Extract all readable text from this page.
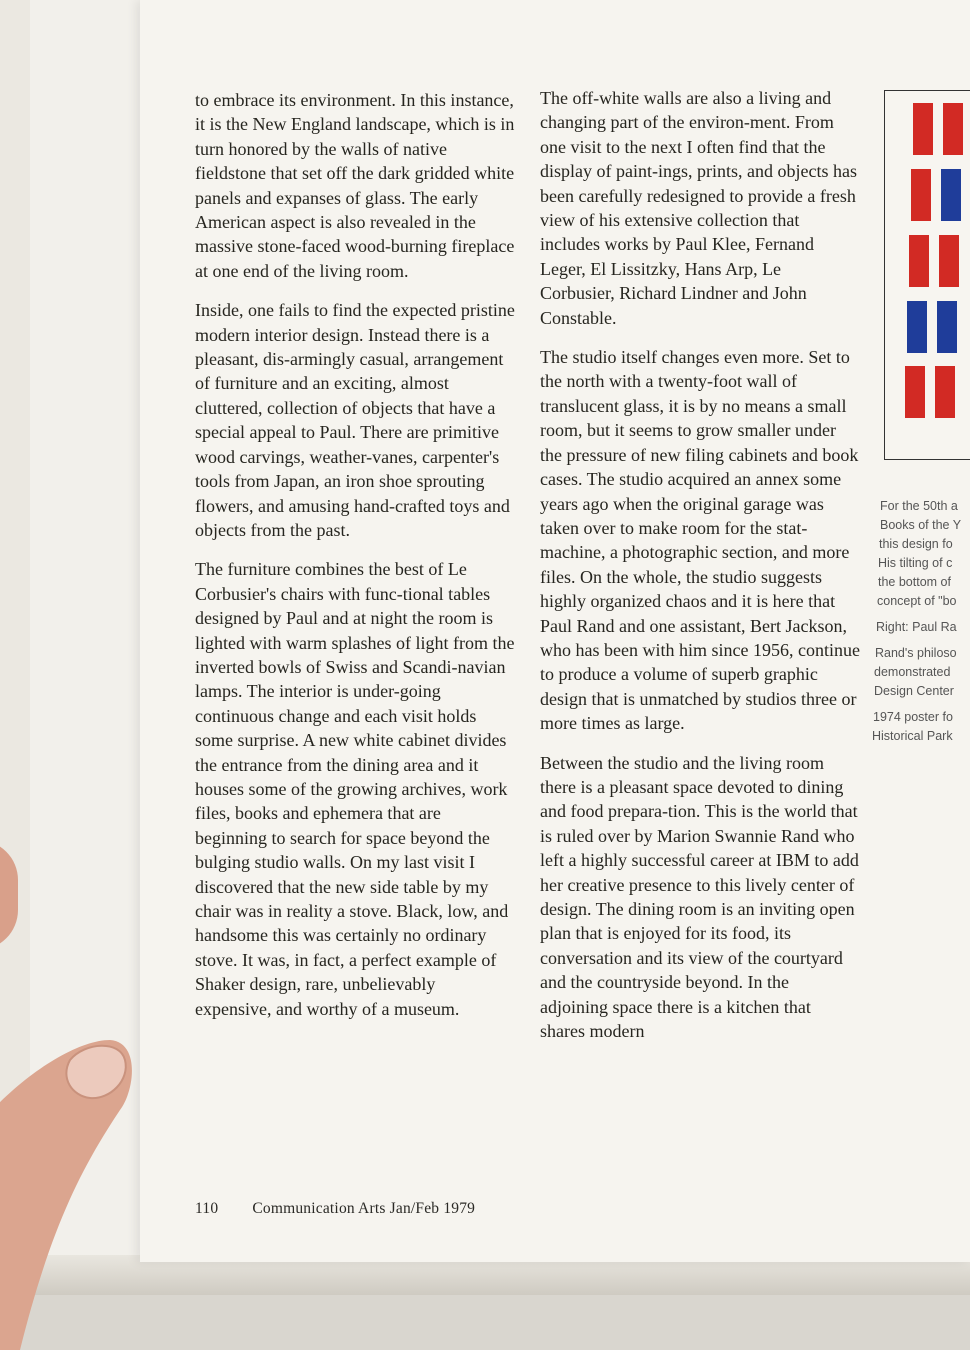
to embrace its environment. In this instance, it is the New England landscape, which is in turn honored by the walls of native fieldstone that set off the dark gridded white panels and expanses of glass. The early American aspect is also revealed in the massive stone-faced wood-burning fireplace at one end of the living room.

Inside, one fails to find the expected pristine modern interior design. Instead there is a pleasant, dis-armingly casual, arrangement of furniture and an exciting, almost cluttered, collection of objects that have a special appeal to Paul. There are primitive wood carvings, weather-vanes, carpenter's tools from Japan, an iron shoe sprouting flowers, and amusing hand-crafted toys and objects from the past.

The furniture combines the best of Le Corbusier's chairs with func-tional tables designed by Paul and at night the room is lighted with warm splashes of light from the inverted bowls of Swiss and Scandi-navian lamps. The interior is under-going continuous change and each visit holds some surprise. A new white cabinet divides the entrance from the dining area and it houses some of the growing archives, work files, books and ephemera that are beginning to search for space beyond the bulging studio walls. On my last visit I discovered that the new side table by my chair was in reality a stove. Black, low, and handsome this was certainly no ordinary stove. It was, in fact, a perfect example of Shaker design, rare, unbelievably expensive, and worthy of a museum.

The off-white walls are also a living and changing part of the environ-ment. From one visit to the next I often find that the display of paint-ings, prints, and objects has been carefully redesigned to provide a fresh view of his extensive collection that includes works by Paul Klee, Fernand Leger, El Lissitzky, Hans Arp, Le Corbusier, Richard Lindner and John Constable.

The studio itself changes even more. Set to the north with a twenty-foot wall of translucent glass, it is by no means a small room, but it seems to grow smaller under the pressure of new filing cabinets and book cases. The studio acquired an annex some years ago when the original garage was taken over to make room for the stat-machine, a photographic section, and more files. On the whole, the studio suggests highly organized chaos and it is here that Paul Rand and one assistant, Bert Jackson, who has been with him since 1956, continue to produce a volume of superb graphic design that is unmatched by studios three or more times as large.

Between the studio and the living room there is a pleasant space devoted to dining and food prepara-tion. This is the world that is ruled over by Marion Swannie Rand who left a highly successful career at IBM to add her creative presence to this lively center of design. The dining room is an inviting open plan that is enjoyed for its food, its conversation and its view of the courtyard and the countryside beyond. In the adjoining space there is a kitchen that shares modern

110 Communication Arts Jan/Feb 1979
For the 50th a
Books of the Y
this design fo
His tilting of c
the bottom of
concept of "bo
Right: Paul Ra
Rand's philoso
demonstrated
Design Center
1974 poster fo
Historical Park
